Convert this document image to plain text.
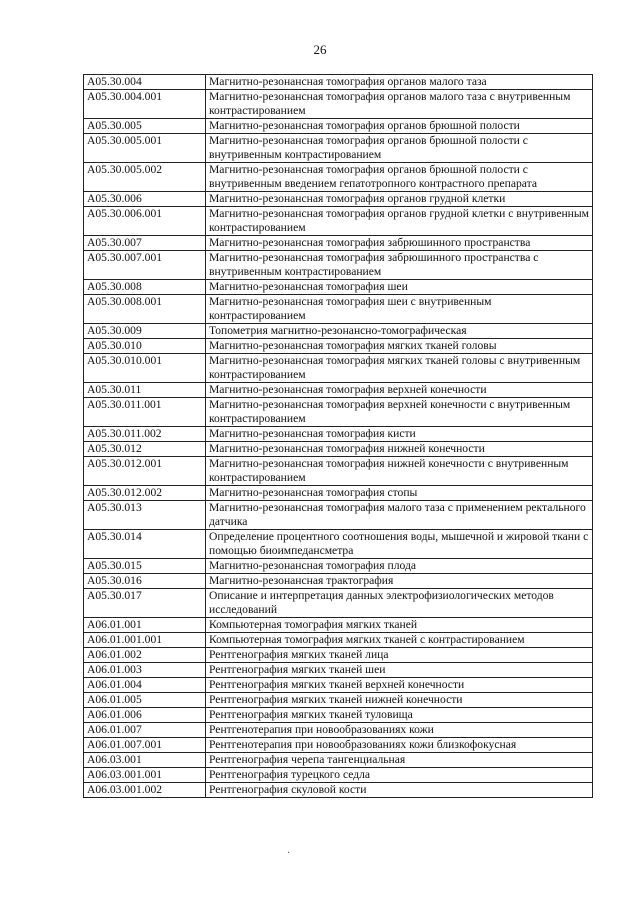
26
A05.30.004	Магнитно-резонансная томография органов малого таза
A05.30.004.001	Магнитно-резонансная томография органов малого таза с внутривенным контрастированием
A05.30.005	Магнитно-резонансная томография органов брюшной полости
A05.30.005.001	Магнитно-резонансная томография органов брюшной полости с внутривенным контрастированием
A05.30.005.002	Магнитно-резонансная томография органов брюшной полости с внутривенным введением гепатотропного контрастного препарата
A05.30.006	Магнитно-резонансная томография органов грудной клетки
A05.30.006.001	Магнитно-резонансная томография органов грудной клетки с внутривенным контрастированием
A05.30.007	Магнитно-резонансная томография забрюшинного пространства
A05.30.007.001	Магнитно-резонансная томография забрюшинного пространства с внутривенным контрастированием
A05.30.008	Магнитно-резонансная томография шеи
A05.30.008.001	Магнитно-резонансная томография шеи с внутривенным контрастированием
A05.30.009	Топометрия магнитно-резонансно-томографическая
A05.30.010	Магнитно-резонансная томография мягких тканей головы
A05.30.010.001	Магнитно-резонансная томография мягких тканей головы с внутривенным контрастированием
A05.30.011	Магнитно-резонансная томография верхней конечности
A05.30.011.001	Магнитно-резонансная томография верхней конечности с внутривенным контрастированием
A05.30.011.002	Магнитно-резонансная томография кисти
A05.30.012	Магнитно-резонансная томография нижней конечности
A05.30.012.001	Магнитно-резонансная томография нижней конечности с внутривенным контрастированием
A05.30.012.002	Магнитно-резонансная томография стопы
A05.30.013	Магнитно-резонансная томография малого таза с применением ректального датчика
A05.30.014	Определение процентного соотношения воды, мышечной и жировой ткани с помощью биоимпедансметра
A05.30.015	Магнитно-резонансная томография плода
A05.30.016	Магнитно-резонансная трактография
A05.30.017	Описание и интерпретация данных электрофизиологических методов исследований
A06.01.001	Компьютерная томография мягких тканей
A06.01.001.001	Компьютерная томография мягких тканей с контрастированием
A06.01.002	Рентгенография мягких тканей лица
A06.01.003	Рентгенография мягких тканей шеи
A06.01.004	Рентгенография мягких тканей верхней конечности
A06.01.005	Рентгенография мягких тканей нижней конечности
A06.01.006	Рентгенография мягких тканей туловища
A06.01.007	Рентгенотерапия при новообразованиях кожи
A06.01.007.001	Рентгенотерапия при новообразованиях кожи близкофокусная
A06.03.001	Рентгенография черепа тангенциальная
A06.03.001.001	Рентгенография турецкого седла
A06.03.001.002	Рентгенография скуловой кости
·
